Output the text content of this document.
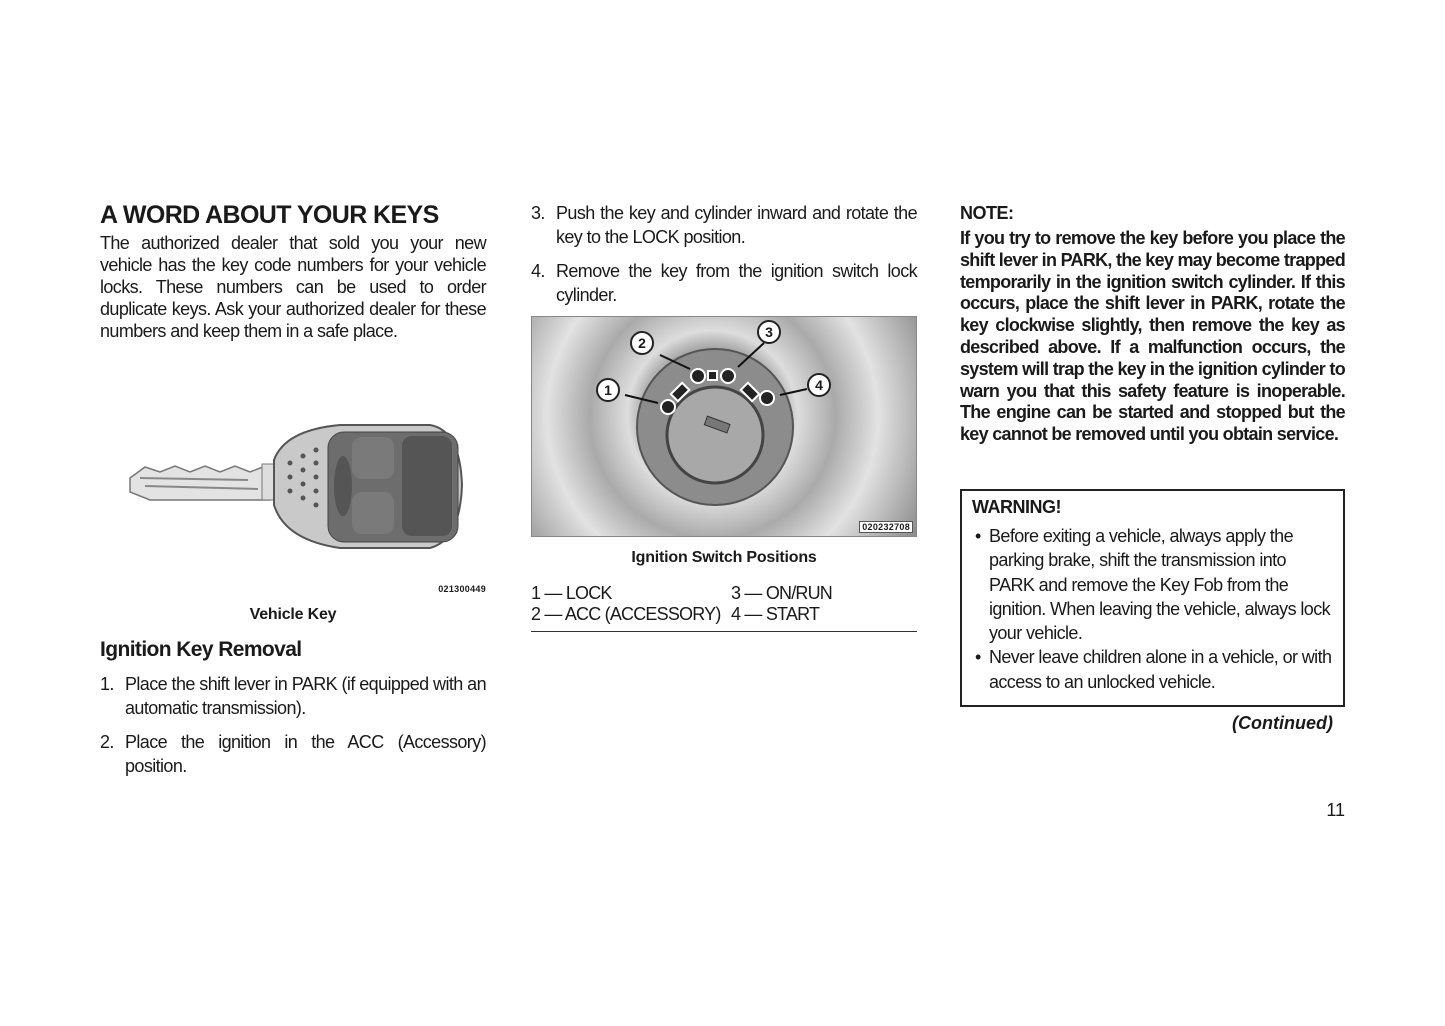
A WORD ABOUT YOUR KEYS

The authorized dealer that sold you your new vehicle has the key code numbers for your vehicle locks. These numbers can be used to order duplicate keys. Ask your authorized dealer for these numbers and keep them in a safe place.

021300449
Vehicle Key
Ignition Key Removal
1. Place the shift lever in PARK (if equipped with an automatic transmission).
2. Place the ignition in the ACC (Accessory) position.
3. Push the key and cylinder inward and rotate the key to the LOCK position.
4. Remove the key from the ignition switch lock cylinder.
1
2
3
4
020232708
Ignition Switch Positions
1 — LOCK	3 — ON/RUN
2 — ACC (ACCESSORY) 4 — START
NOTE:

If you try to remove the key before you place the shift lever in PARK, the key may become trapped temporarily in the ignition switch cylinder. If this occurs, place the shift lever in PARK, rotate the key clockwise slightly, then remove the key as described above. If a malfunction occurs, the system will trap the key in the ignition cylinder to warn you that this safety feature is inoperable. The engine can be started and stopped but the key cannot be removed until you obtain service.

WARNING!
• Before exiting a vehicle, always apply the parking brake, shift the transmission into PARK and remove the Key Fob from the ignition. When leaving the vehicle, always lock your vehicle.
• Never leave children alone in a vehicle, or with access to an unlocked vehicle.
(Continued)
11
